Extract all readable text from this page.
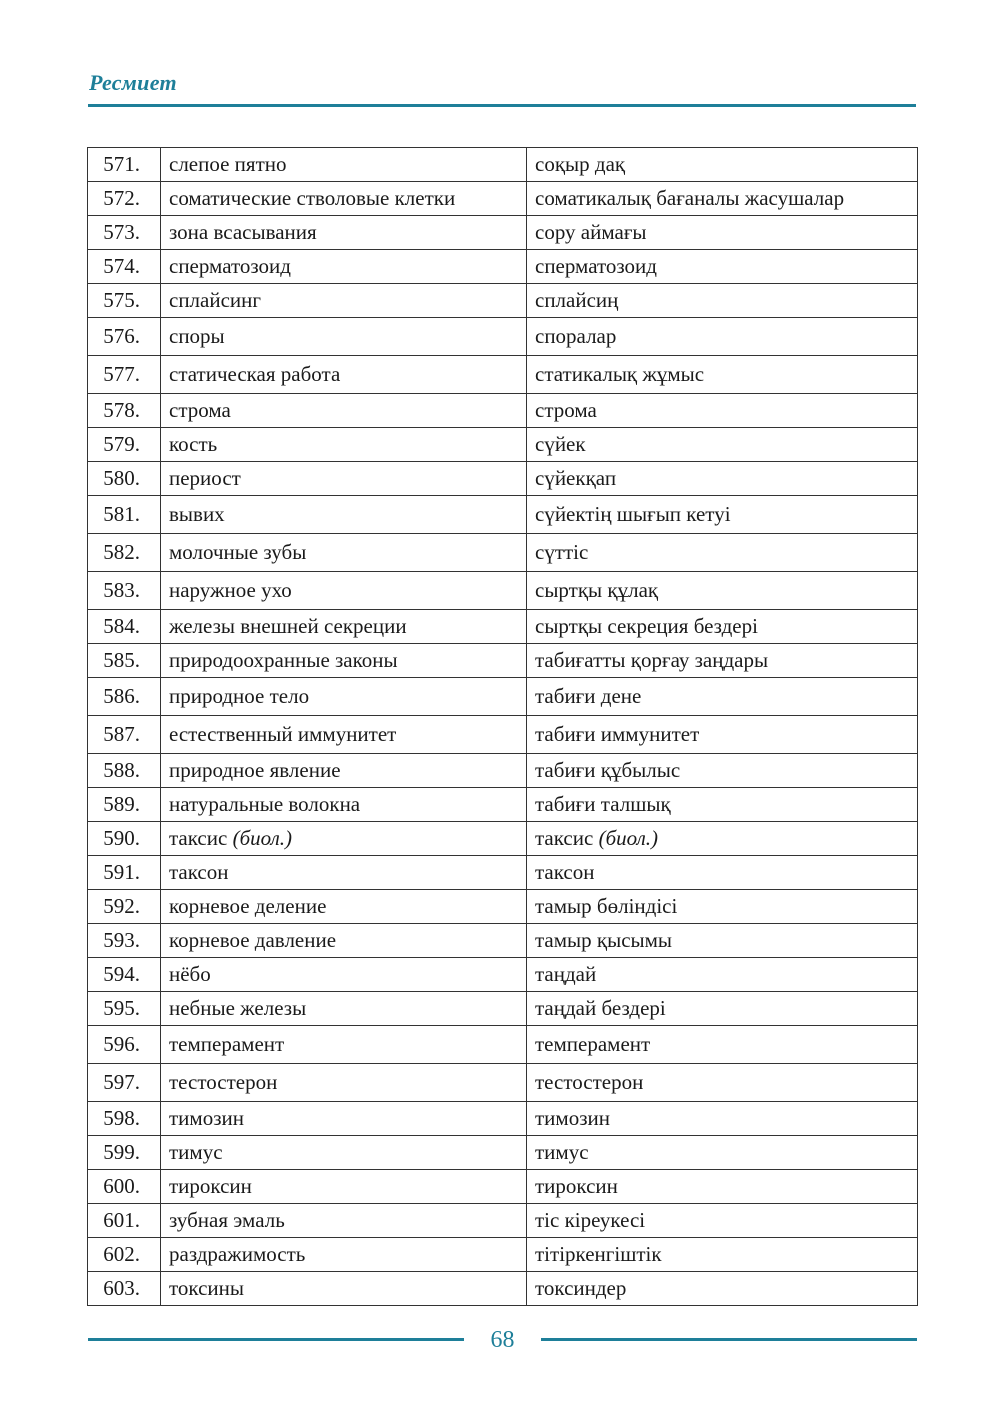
Ресмиет
571.	слепое пятно	соқыр дақ
572.	соматические стволовые клетки	соматикалық бағаналы жасушалар
573.	зона всасывания	сору аймағы
574.	сперматозоид	сперматозоид
575.	сплайсинг	сплайсиң
576.	споры	споралар
577.	статическая работа	статикалық жұмыс
578.	строма	строма
579.	кость	сүйек
580.	периост	сүйекқап
581.	вывих	сүйектің шығып кетуі
582.	молочные зубы	сүттіс
583.	наружное ухо	сыртқы құлақ
584.	железы внешней секреции	сыртқы секреция бездері
585.	природоохранные законы	табиғатты қорғау заңдары
586.	природное тело	табиғи дене
587.	естественный иммунитет	табиғи иммунитет
588.	природное явление	табиғи құбылыс
589.	натуральные волокна	табиғи талшық
590.	таксис (биол.)	таксис (биол.)
591.	таксон	таксон
592.	корневое деление	тамыр бөліндісі
593.	корневое давление	тамыр қысымы
594.	нёбо	таңдай
595.	небные железы	таңдай бездері
596.	темперамент	темперамент
597.	тестостерон	тестостерон
598.	тимозин	тимозин
599.	тимус	тимус
600.	тироксин	тироксин
601.	зубная эмаль	тіс кіреукесі
602.	раздражимость	тітіркенгіштік
603.	токсины	токсиндер
68
